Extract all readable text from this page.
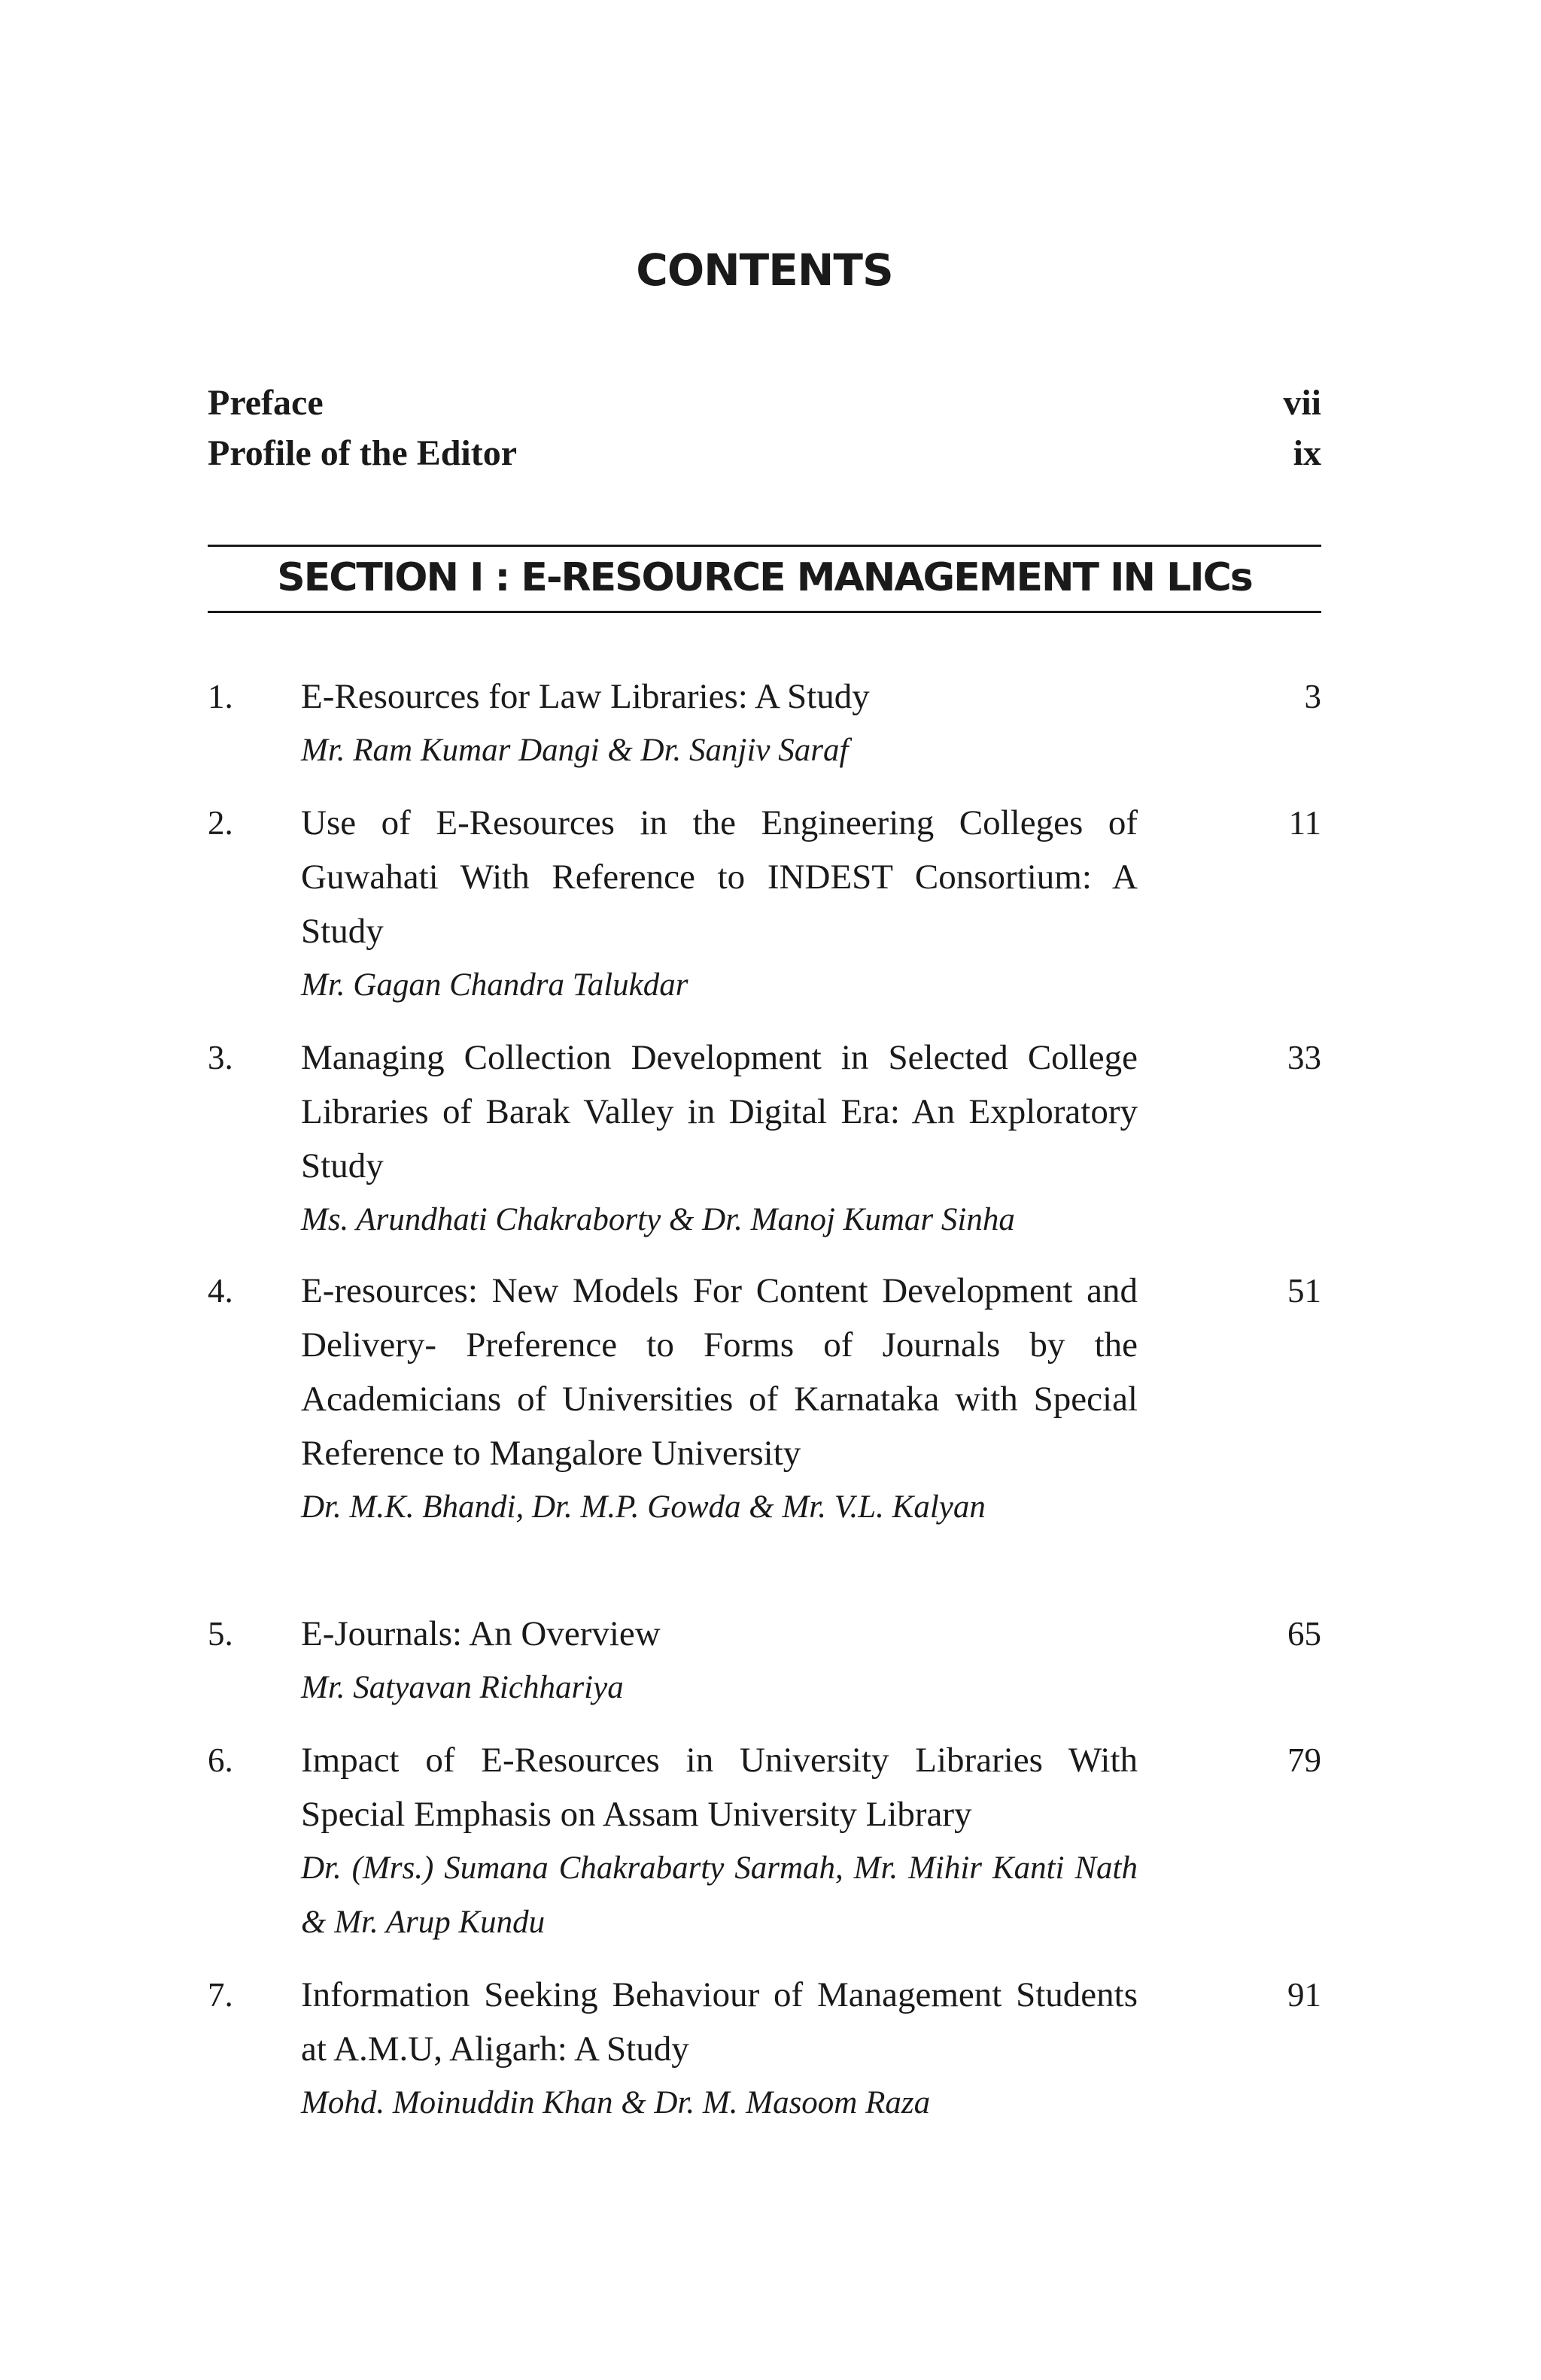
CONTENTS
Preface	vii
Profile of the Editor	ix
SECTION I : E-RESOURCE MANAGEMENT IN LICs
1. E-Resources for Law Libraries: A Study
Mr. Ram Kumar Dangi & Dr. Sanjiv Saraf
3
2. Use of E-Resources in the Engineering Colleges of Guwahati With Reference to INDEST Consortium: A Study
Mr. Gagan Chandra Talukdar
11
3. Managing Collection Development in Selected College Libraries of Barak Valley in Digital Era: An Exploratory Study
Ms. Arundhati Chakraborty & Dr. Manoj Kumar Sinha
33
4. E-resources: New Models For Content Development and Delivery- Preference to Forms of Journals by the Academicians of Universities of Karnataka with Special Reference to Mangalore University
Dr. M.K. Bhandi, Dr. M.P. Gowda & Mr. V.L. Kalyan
51
5. E-Journals: An Overview
Mr. Satyavan Richhariya
65
6. Impact of E-Resources in University Libraries With Special Emphasis on Assam University Library
Dr. (Mrs.) Sumana Chakrabarty Sarmah, Mr. Mihir Kanti Nath & Mr. Arup Kundu
79
7. Information Seeking Behaviour of Management Students at A.M.U, Aligarh: A Study
Mohd. Moinuddin Khan & Dr. M. Masoom Raza
91
